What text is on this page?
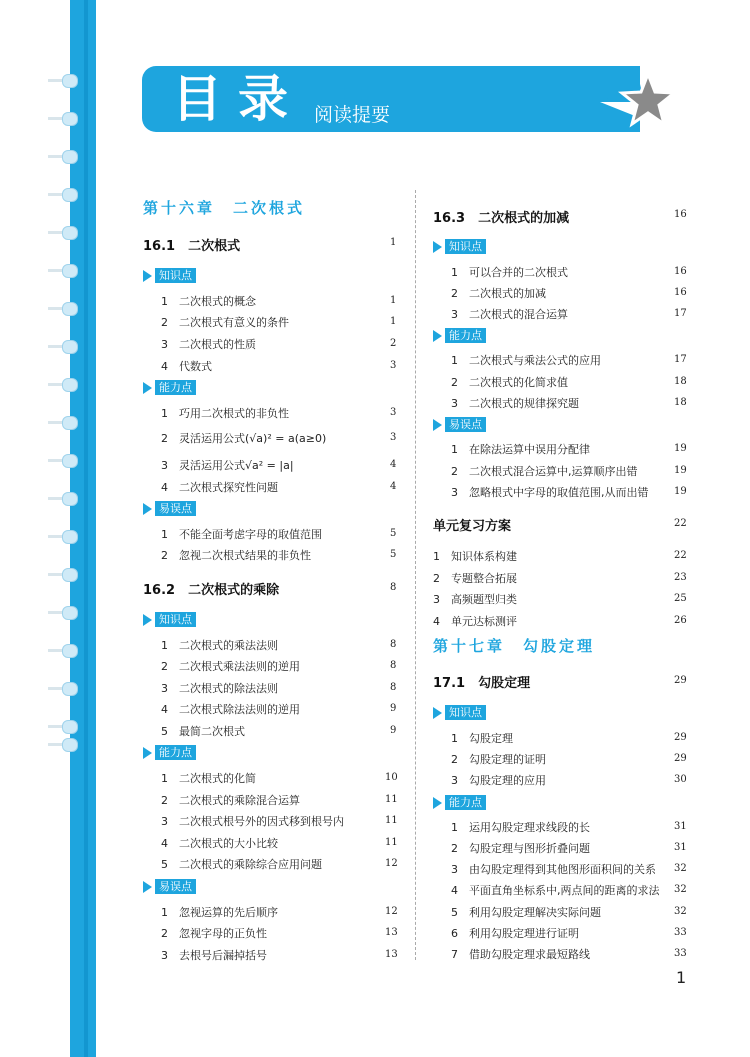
目录 阅读提要
第十六章　二次根式
16.1　二次根式	1
知识点
1 二次根式的概念	1
2 二次根式有意义的条件	1
3 二次根式的性质	2
4 代数式	3
能力点
1 巧用二次根式的非负性	3
2 灵活运用公式(√a)² = a(a≥0)	3
3 灵活运用公式√a² = |a|	4
4 二次根式探究性问题	4
易误点
1 不能全面考虑字母的取值范围	5
2 忽视二次根式结果的非负性	5
16.2　二次根式的乘除	8
知识点
1 二次根式的乘法法则	8
2 二次根式乘法法则的逆用	8
3 二次根式的除法法则	8
4 二次根式除法法则的逆用	9
5 最简二次根式	9
能力点
1 二次根式的化简	10
2 二次根式的乘除混合运算	11
3 二次根式根号外的因式移到根号内	11
4 二次根式的大小比较	11
5 二次根式的乘除综合应用问题	12
易误点
1 忽视运算的先后顺序	12
2 忽视字母的正负性	13
3 去根号后漏掉括号	13
16.3　二次根式的加减	16
知识点
1 可以合并的二次根式	16
2 二次根式的加减	16
3 二次根式的混合运算	17
能力点
1 二次根式与乘法公式的应用	17
2 二次根式的化简求值	18
3 二次根式的规律探究题	18
易误点
1 在除法运算中误用分配律	19
2 二次根式混合运算中,运算顺序出错	19
3 忽略根式中字母的取值范围,从而出错	19
单元复习方案	22
1 知识体系构建	22
2 专题整合拓展	23
3 高频题型归类	25
4 单元达标测评	26
第十七章　勾股定理
17.1　勾股定理	29
知识点
1 勾股定理	29
2 勾股定理的证明	29
3 勾股定理的应用	30
能力点
1 运用勾股定理求线段的长	31
2 勾股定理与图形折叠问题	31
3 由勾股定理得到其他图形面积间的关系 32
4 平面直角坐标系中,两点间的距离的求法 32
5 利用勾股定理解决实际问题	32
6 利用勾股定理进行证明	33
7 借助勾股定理求最短路线	33
1
